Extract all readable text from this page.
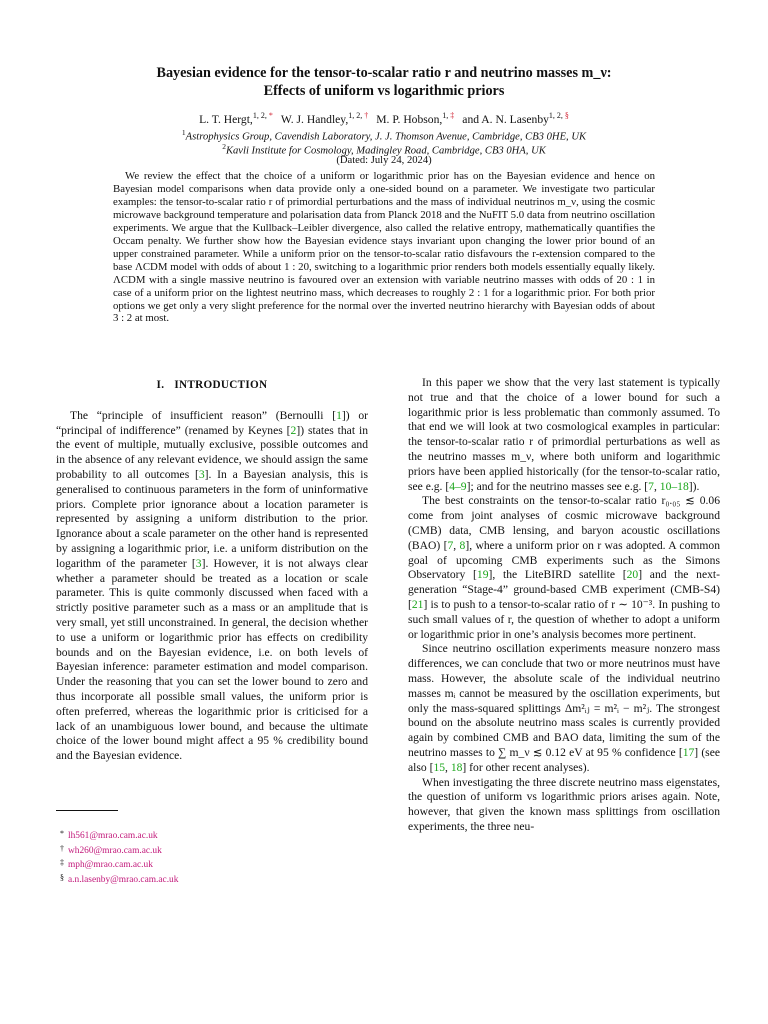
Bayesian evidence for the tensor-to-scalar ratio r and neutrino masses m_ν:
Effects of uniform vs logarithmic priors
L. T. Hergt,$^{1, 2,}$ * W. J. Handley,$^{1, 2,}$ † M. P. Hobson,$^{1,}$ ‡ and A. N. Lasenby$^{1, 2,}$ §
$^1$Astrophysics Group, Cavendish Laboratory, J. J. Thomson Avenue, Cambridge, CB3 0HE, UK
$^2$Kavli Institute for Cosmology, Madingley Road, Cambridge, CB3 0HA, UK
(Dated: July 24, 2024)

We review the effect that the choice of a uniform or logarithmic prior has on the Bayesian evidence and hence on Bayesian model comparisons when data provide only a one-sided bound on a parameter. We investigate two particular examples: the tensor-to-scalar ratio r of primordial perturbations and the mass of individual neutrinos m_ν, using the cosmic microwave background temperature and polarisation data from Planck 2018 and the NuFIT 5.0 data from neutrino oscillation experiments. We argue that the Kullback–Leibler divergence, also called the relative entropy, mathematically quantifies the Occam penalty. We further show how the Bayesian evidence stays invariant upon changing the lower prior bound of an upper constrained parameter. While a uniform prior on the tensor-to-scalar ratio disfavours the r-extension compared to the base ΛCDM model with odds of about 1 : 20, switching to a logarithmic prior renders both models essentially equally likely. ΛCDM with a single massive neutrino is favoured over an extension with variable neutrino masses with odds of 20 : 1 in case of a uniform prior on the lightest neutrino mass, which decreases to roughly 2 : 1 for a logarithmic prior. For both prior options we get only a very slight preference for the normal over the inverted neutrino hierarchy with Bayesian odds of about 3 : 2 at most.

I. INTRODUCTION

The “principle of insufficient reason” (Bernoulli [1]) or “principal of indifference” (renamed by Keynes [2]) states that in the event of multiple, mutually exclusive, possible outcomes and in the absence of any relevant evidence, we should assign the same probability to all outcomes [3]. In a Bayesian analysis, this is generalised to continuous parameters in the form of uninformative priors. Complete prior ignorance about a location parameter is represented by assigning a uniform distribution to the prior. Ignorance about a scale parameter on the other hand is represented by assigning a logarithmic prior, i.e. a uniform distribution on the logarithm of the parameter [3]. However, it is not always clear whether a parameter should be treated as a location or scale parameter. This is quite commonly discussed when faced with a strictly positive parameter such as a mass or an amplitude that is very small, yet still unconstrained. In general, the decision whether to use a uniform or logarithmic prior has effects on credibility bounds and on the Bayesian evidence, i.e. on both levels of Bayesian inference: parameter estimation and model comparison. Under the reasoning that you can set the lower bound to zero and thus incorporate all possible small values, the uniform prior is often preferred, whereas the logarithmic prior is criticised for a lack of an unambiguous lower bound, and because the ultimate choice of the lower bound might affect a 95 % credibility bound and the Bayesian evidence.

In this paper we show that the very last statement is typically not true and that the choice of a lower bound for such a logarithmic prior is less problematic than commonly assumed. To that end we will look at two cosmological examples in particular: the tensor-to-scalar ratio r of primordial perturbations as well as the neutrino masses m_ν, where both uniform and logarithmic priors have been applied historically (for the tensor-to-scalar ratio, see e.g. [4–9]; and for the neutrino masses see e.g. [7, 10–18]).

The best constraints on the tensor-to-scalar ratio r₀.₀₅ ≲ 0.06 come from joint analyses of cosmic microwave background (CMB) data, CMB lensing, and baryon acoustic oscillations (BAO) [7, 8], where a uniform prior on r was adopted. A common goal of upcoming CMB experiments such as the Simons Observatory [19], the LiteBIRD satellite [20] and the next-generation “Stage-4” ground-based CMB experiment (CMB-S4) [21] is to push to a tensor-to-scalar ratio of r ∼ 10⁻³. In pushing to such small values of r, the question of whether to adopt a uniform or logarithmic prior in one’s analysis becomes more pertinent.

Since neutrino oscillation experiments measure nonzero mass differences, we can conclude that two or more neutrinos must have mass. However, the absolute scale of the individual neutrino masses mᵢ cannot be measured by the oscillation experiments, but only the mass-squared splittings Δm²ᵢⱼ = m²ᵢ − m²ⱼ. The strongest bound on the absolute neutrino mass scales is currently provided again by combined CMB and BAO data, limiting the sum of the neutrino masses to ∑ m_ν ≲ 0.12 eV at 95 % confidence [17] (see also [15, 18] for other recent analyses).

When investigating the three discrete neutrino mass eigenstates, the question of uniform vs logarithmic priors arises again. Note, however, that given the known mass splittings from oscillation experiments, the three neu-

* lh561@mrao.cam.ac.uk
† wh260@mrao.cam.ac.uk
‡ mph@mrao.cam.ac.uk
§ a.n.lasenby@mrao.cam.ac.uk
